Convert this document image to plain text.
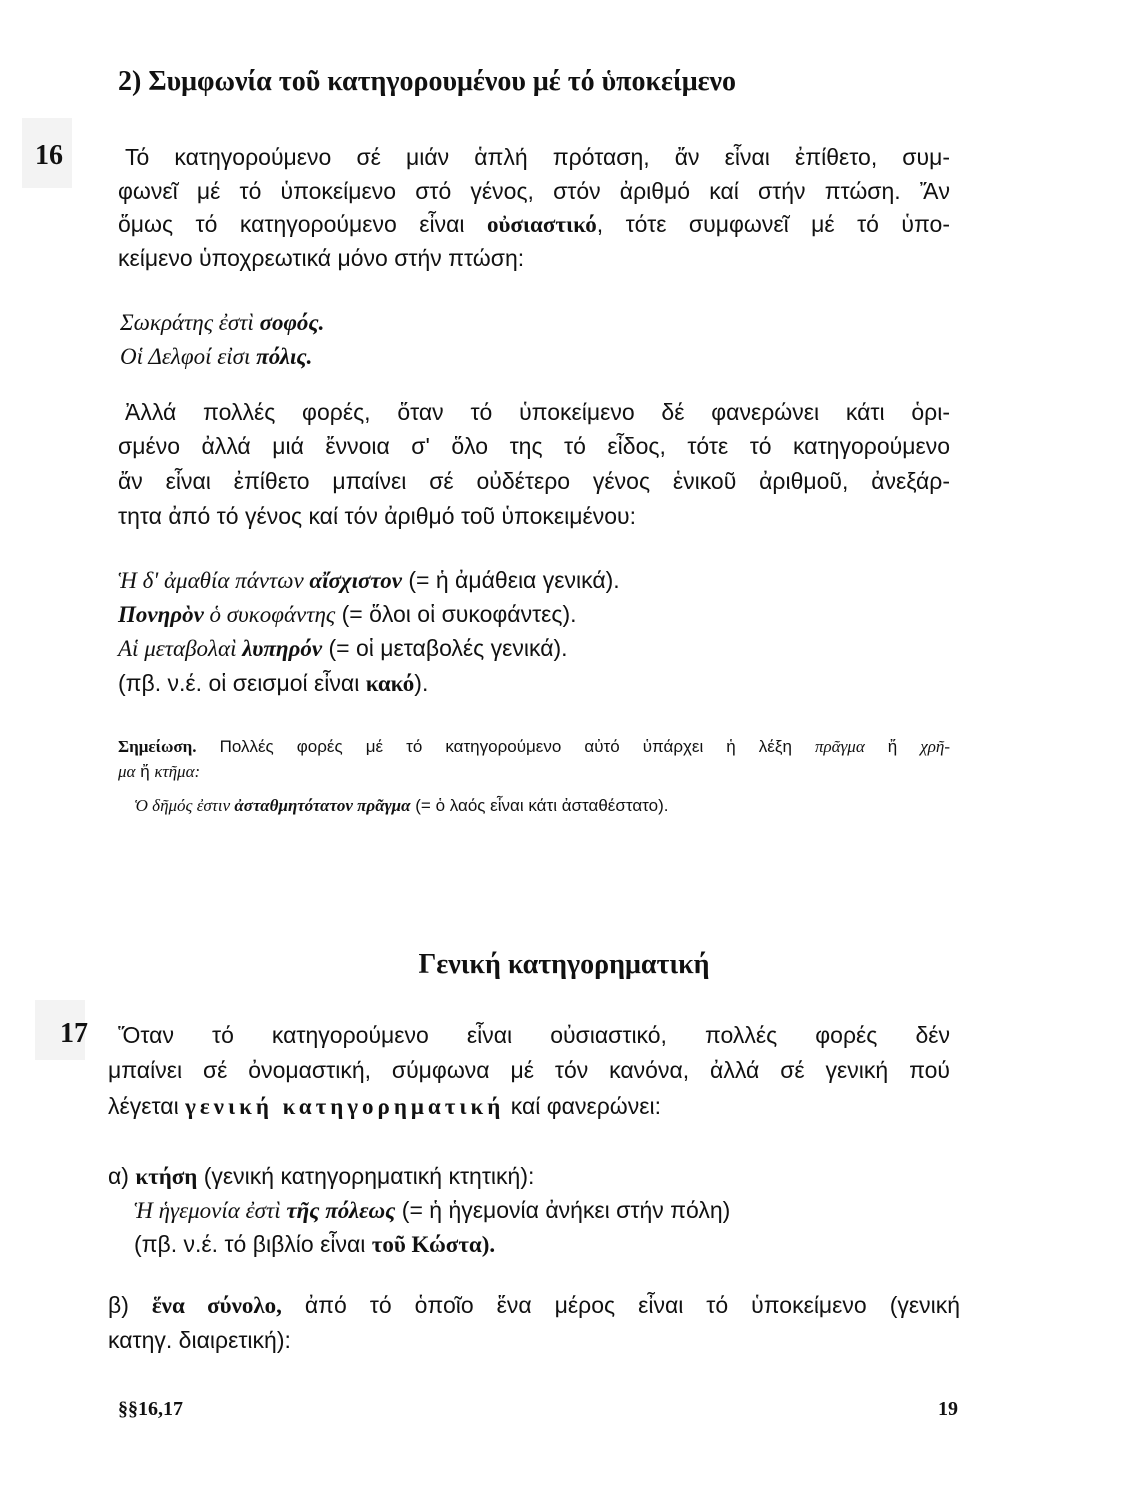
16
17
§§16,17	19
2) Συμφωνία τοῦ κατηγορουμένου μέ τό ὑποκείμενο
Τό κατηγορούμενο σέ μιάν ἁπλή πρόταση, ἄν εἶναι ἐπίθετο, συμ-
φωνεῖ μέ τό ὑποκείμενο στό γένος, στόν ἀριθμό καί στήν πτώση. Ἄν
ὅμως τό κατηγορούμενο εἶναι οὐσιαστικό, τότε συμφωνεῖ μέ τό ὑπο-
κείμενο ὑποχρεωτικά μόνο στήν πτώση:
Σωκράτης ἐστὶ σοφός.
Οἱ Δελφοί εἰσι πόλις.
Ἀλλά πολλές φορές, ὅταν τό ὑποκείμενο δέ φανερώνει κάτι ὁρι-
σμένο ἀλλά μιά ἔννοια σ' ὅλο της τό εἶδος, τότε τό κατηγορούμενο
ἄν εἶναι ἐπίθετο μπαίνει σέ οὐδέτερο γένος ἑνικοῦ ἀριθμοῦ, ἀνεξάρ-
τητα ἀπό τό γένος καί τόν ἀριθμό τοῦ ὑποκειμένου:
Ἡ δ' ἀμαθία πάντων αἴσχιστον (= ἡ ἀμάθεια γενικά).
Πονηρὸν ὁ συκοφάντης (= ὅλοι οἱ συκοφάντες).
Αἱ μεταβολαὶ λυπηρόν (= οἱ μεταβολές γενικά).
(πβ. ν.έ. οἱ σεισμοί εἶναι κακό).
Σημείωση. Πολλές φορές μέ τό κατηγορούμενο αὐτό ὑπάρχει ἡ λέξη πρᾶγμα ἤ χρῆ-
μα ἤ κτῆμα:
Ὁ δῆμός ἐστιν ἀσταθμητότατον πρᾶγμα (= ὁ λαός εἶναι κάτι ἀσταθέστατο).
Γενική κατηγορηματική
Ὅταν τό κατηγορούμενο εἶναι οὐσιαστικό, πολλές φορές δέν
μπαίνει σέ ὀνομαστική, σύμφωνα μέ τόν κανόνα, ἀλλά σέ γενική πού
λέγεται γενική κατηγορηματική καί φανερώνει:
α) κτήση (γενική κατηγορηματική κτητική):
Ἡ ἡγεμονία ἐστὶ τῆς πόλεως (= ἡ ἡγεμονία ἀνήκει στήν πόλη)
(πβ. ν.έ. τό βιβλίο εἶναι τοῦ Κώστα).
β) ἕνα σύνολο, ἀπό τό ὁποῖο ἕνα μέρος εἶναι τό ὑποκείμενο (γενική
κατηγ. διαιρετική):
